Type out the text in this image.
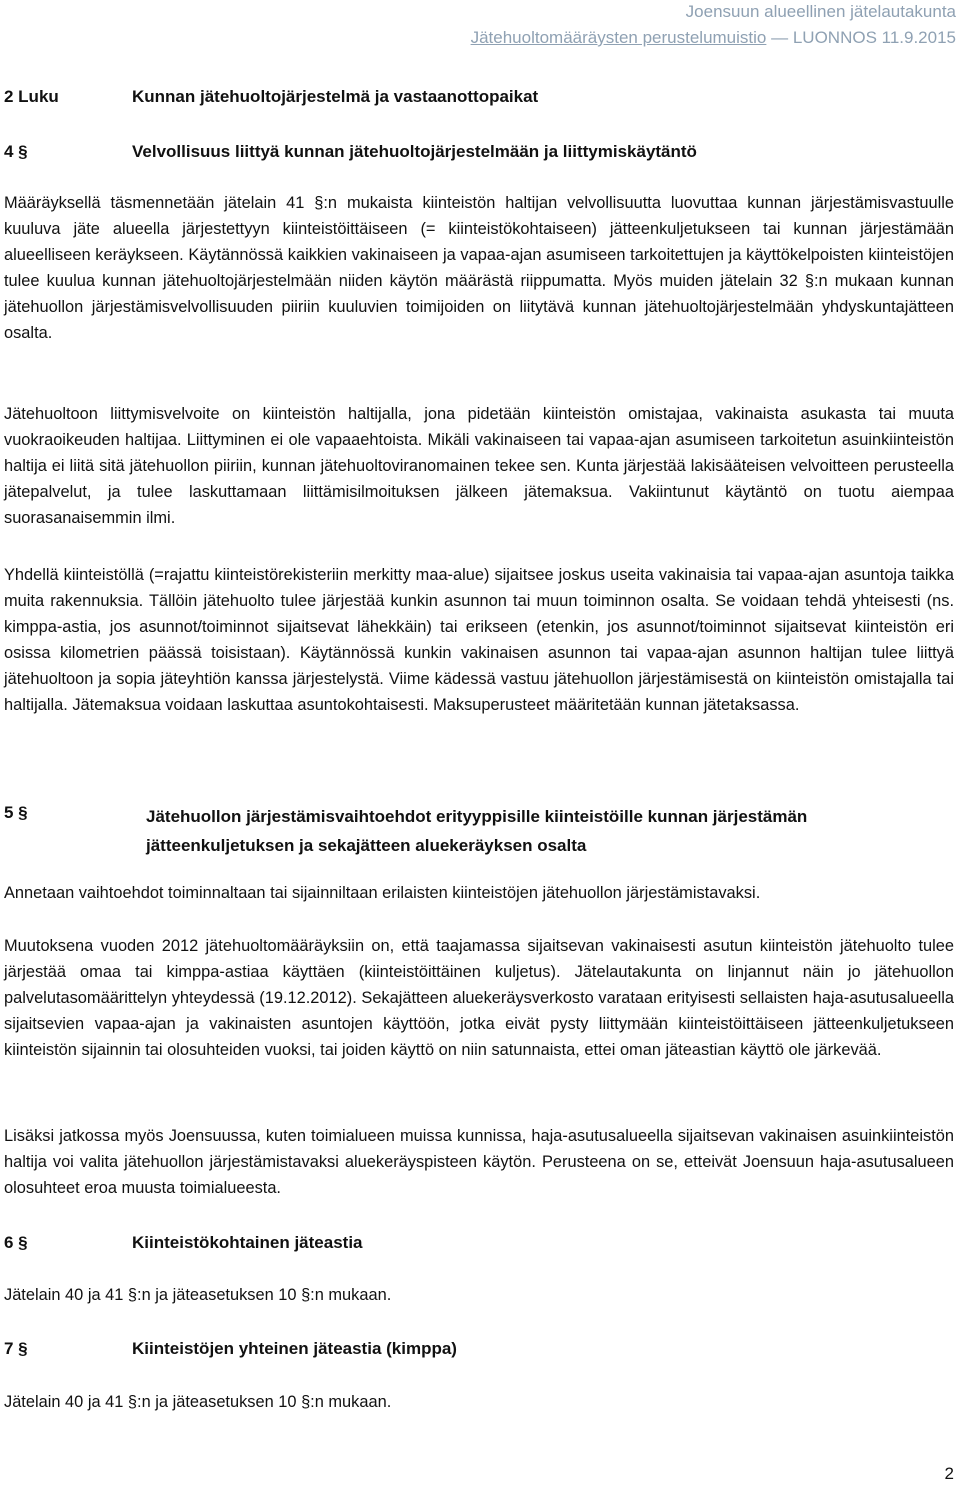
Joensuun alueellinen jätelautakunta
Jätehuoltomääräysten perustelumuistio — LUONNOS 11.9.2015
2 Luku	Kunnan jätehuoltojärjestelmä ja vastaanottopaikat
4 §	Velvollisuus liittyä kunnan jätehuoltojärjestelmään ja liittymiskäytäntö

Määräyksellä täsmennetään jätelain 41 §:n mukaista kiinteistön haltijan velvollisuutta luovuttaa kunnan järjestämisvastuulle kuuluva jäte alueella järjestettyyn kiinteistöittäiseen (= kiinteistökohtaiseen) jätteenkuljetukseen tai kunnan järjestämään alueelliseen keräykseen. Käytännössä kaikkien vakinaiseen ja vapaa-ajan asumiseen tarkoitettujen ja käyttökelpoisten kiinteistöjen tulee kuulua kunnan jätehuoltojärjestelmään niiden käytön määrästä riippumatta. Myös muiden jätelain 32 §:n mukaan kunnan jätehuollon järjestämisvelvollisuuden piiriin kuuluvien toimijoiden on liitytävä kunnan jätehuoltojärjestelmään yhdyskuntajätteen osalta.

Jätehuoltoon liittymisvelvoite on kiinteistön haltijalla, jona pidetään kiinteistön omistajaa, vakinaista asukasta tai muuta vuokraoikeuden haltijaa. Liittyminen ei ole vapaaehtoista. Mikäli vakinaiseen tai vapaa-ajan asumiseen tarkoitetun asuinkiinteistön haltija ei liitä sitä jätehuollon piiriin, kunnan jätehuoltoviranomainen tekee sen. Kunta järjestää lakisääteisen velvoitteen perusteella jätepalvelut, ja tulee laskuttamaan liittämisilmoituksen jälkeen jätemaksua. Vakiintunut käytäntö on tuotu aiempaa suorasanaisemmin ilmi.

Yhdellä kiinteistöllä (=rajattu kiinteistörekisteriin merkitty maa-alue) sijaitsee joskus useita vakinaisia tai vapaa-ajan asuntoja taikka muita rakennuksia. Tällöin jätehuolto tulee järjestää kunkin asunnon tai muun toiminnon osalta. Se voidaan tehdä yhteisesti (ns. kimppa-astia, jos asunnot/toiminnot sijaitsevat lähekkäin) tai erikseen (etenkin, jos asunnot/toiminnot sijaitsevat kiinteistön eri osissa kilometrien päässä toisistaan). Käytännössä kunkin vakinaisen asunnon tai vapaa-ajan asunnon haltijan tulee liittyä jätehuoltoon ja sopia jäteyhtiön kanssa järjestelystä. Viime kädessä vastuu jätehuollon järjestämisestä on kiinteistön omistajalla tai haltijalla. Jätemaksua voidaan laskuttaa asuntokohtaisesti. Maksuperusteet määritetään kunnan jätetaksassa.

5 §	Jätehuollon järjestämisvaihtoehdot erityyppisille kiinteistöille kunnan järjestämän jätteenkuljetuksen ja sekajätteen aluekeräyksen osalta

Annetaan vaihtoehdot toiminnaltaan tai sijainniltaan erilaisten kiinteistöjen jätehuollon järjestämistavaksi.

Muutoksena vuoden 2012 jätehuoltomääräyksiin on, että taajamassa sijaitsevan vakinaisesti asutun kiinteistön jätehuolto tulee järjestää omaa tai kimppa-astiaa käyttäen (kiinteistöittäinen kuljetus). Jätelautakunta on linjannut näin jo jätehuollon palvelutasomäärittelyn yhteydessä (19.12.2012). Sekajätteen aluekeräysverkosto varataan erityisesti sellaisten haja-asutusalueella sijaitsevien vapaa-ajan ja vakinaisten asuntojen käyttöön, jotka eivät pysty liittymään kiinteistöittäiseen jätteenkuljetukseen kiinteistön sijainnin tai olosuhteiden vuoksi, tai joiden käyttö on niin satunnaista, ettei oman jäteastian käyttö ole järkevää.

Lisäksi jatkossa myös Joensuussa, kuten toimialueen muissa kunnissa, haja-asutusalueella sijaitsevan vakinaisen asuinkiinteistön haltija voi valita jätehuollon järjestämistavaksi aluekeräyspisteen käytön. Perusteena on se, etteivät Joensuun haja-asutusalueen olosuhteet eroa muusta toimialueesta.

6 §	Kiinteistökohtainen jäteastia

Jätelain 40 ja 41 §:n ja jäteasetuksen 10 §:n mukaan.

7 §	Kiinteistöjen yhteinen jäteastia (kimppa)

Jätelain 40 ja 41 §:n ja jäteasetuksen 10 §:n mukaan.

2
